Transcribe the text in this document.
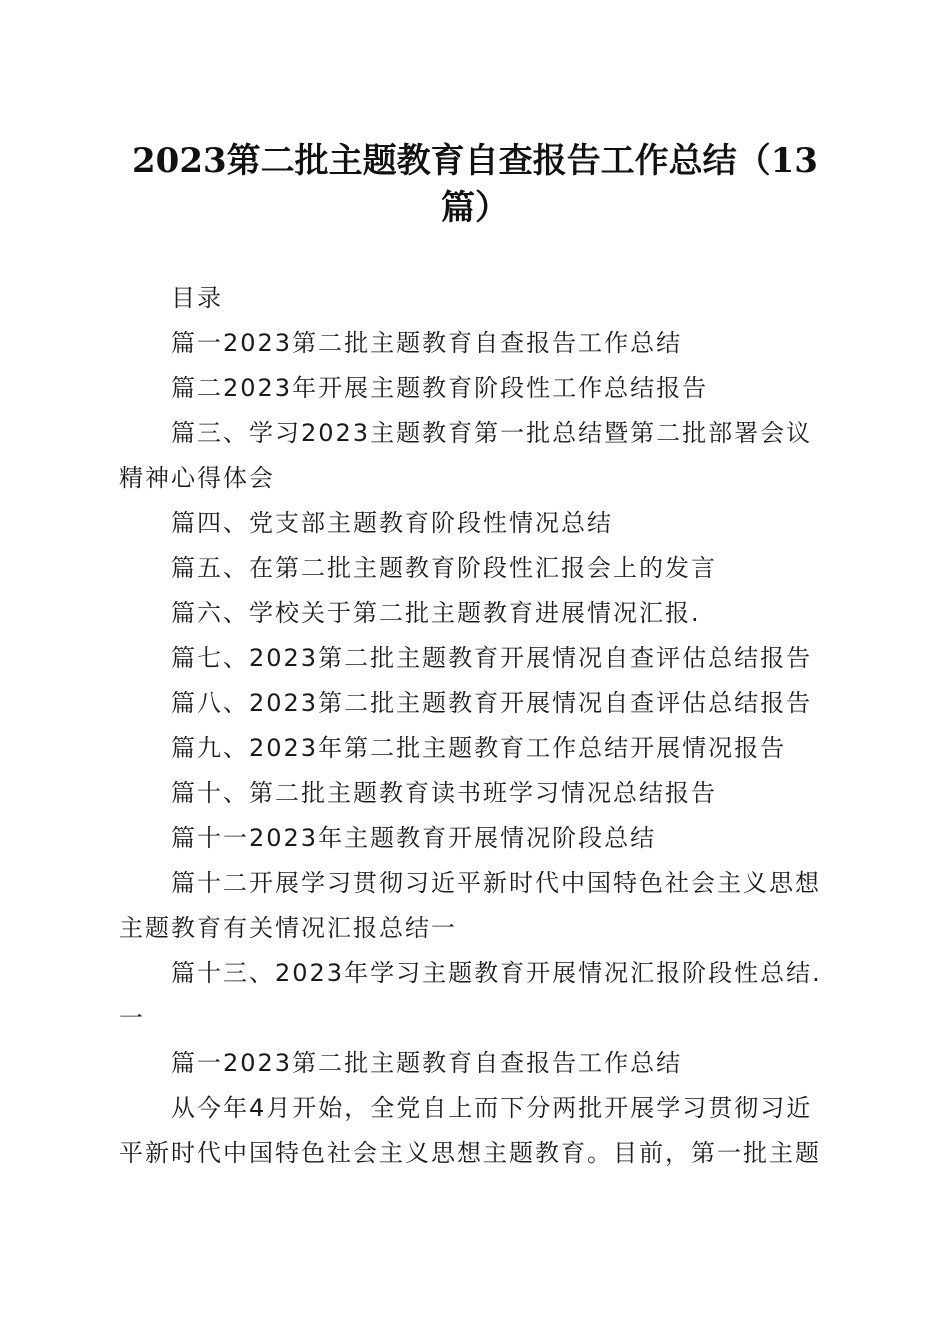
2023第二批主题教育自查报告工作总结（13篇）

目录

篇一2023第二批主题教育自查报告工作总结

篇二2023年开展主题教育阶段性工作总结报告

篇三、学习2023主题教育第一批总结暨第二批部署会议精神心得体会

篇四、党支部主题教育阶段性情况总结

篇五、在第二批主题教育阶段性汇报会上的发言

篇六、学校关于第二批主题教育进展情况汇报.

篇七、2023第二批主题教育开展情况自查评估总结报告

篇八、2023第二批主题教育开展情况自查评估总结报告

篇九、2023年第二批主题教育工作总结开展情况报告

篇十、第二批主题教育读书班学习情况总结报告

篇十一2023年主题教育开展情况阶段总结

篇十二开展学习贯彻习近平新时代中国特色社会主义思想主题教育有关情况汇报总结一

篇十三、2023年学习主题教育开展情况汇报阶段性总结.一

篇一2023第二批主题教育自查报告工作总结

从今年4月开始，全党自上而下分两批开展学习贯彻习近平新时代中国特色社会主义思想主题教育。目前，第一批主题
